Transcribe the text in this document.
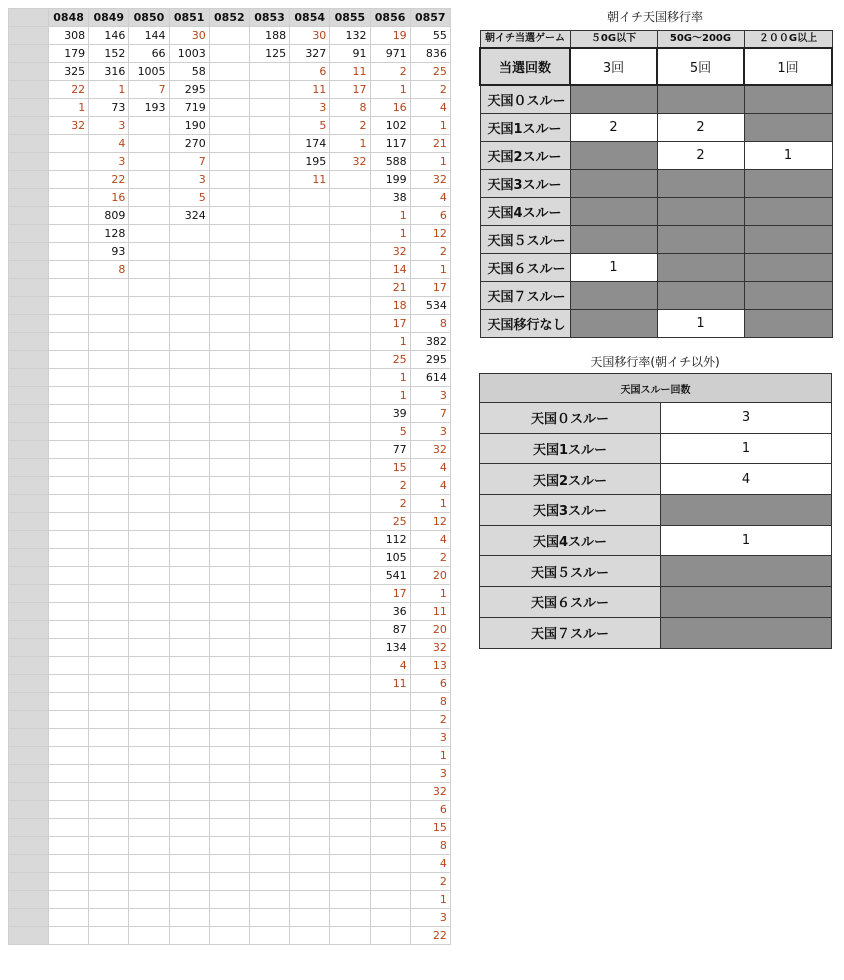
	0848	0849	0850	0851	0852	0853	0854	0855	0856	0857
	308	146	144	30		188	30	132	19	55
	179	152	66	1003		125	327	91	971	836
	325	316	1005	58			6	11	2	25
	22	1	7	295			11	17	1	2
	1	73	193	719			3	8	16	4
	32	3		190			5	2	102	1
		4		270			174	1	117	21
		3		7			195	32	588	1
		22		3			11		199	32
		16		5					38	4
		809		324					1	6
		128							1	12
		93							32	2
		8							14	1
									21	17
									18	534
									17	8
									1	382
									25	295
									1	614
									1	3
									39	7
									5	3
									77	32
									15	4
									2	4
									2	1
									25	12
									112	4
									105	2
									541	20
									17	1
									36	11
									87	20
									134	32
									4	13
									11	6
										8
										2
										3
										1
										3
										32
										6
										15
										8
										4
										2
										1
										3
										22
朝イチ天国移行率
朝イチ当選ゲーム	５0G以下	50G〜200G	２００G以上
当選回数	3回	5回	1回
天国０スルー			
天国1スルー	2	2	
天国2スルー		2	1
天国3スルー			
天国4スルー			
天国５スルー			
天国６スルー	1		
天国７スルー			
天国移行なし		1	
天国移行率(朝イチ以外)
天国スルー回数	
天国０スルー	3
天国1スルー	1
天国2スルー	4
天国3スルー	
天国4スルー	1
天国５スルー	
天国６スルー	
天国７スルー	
